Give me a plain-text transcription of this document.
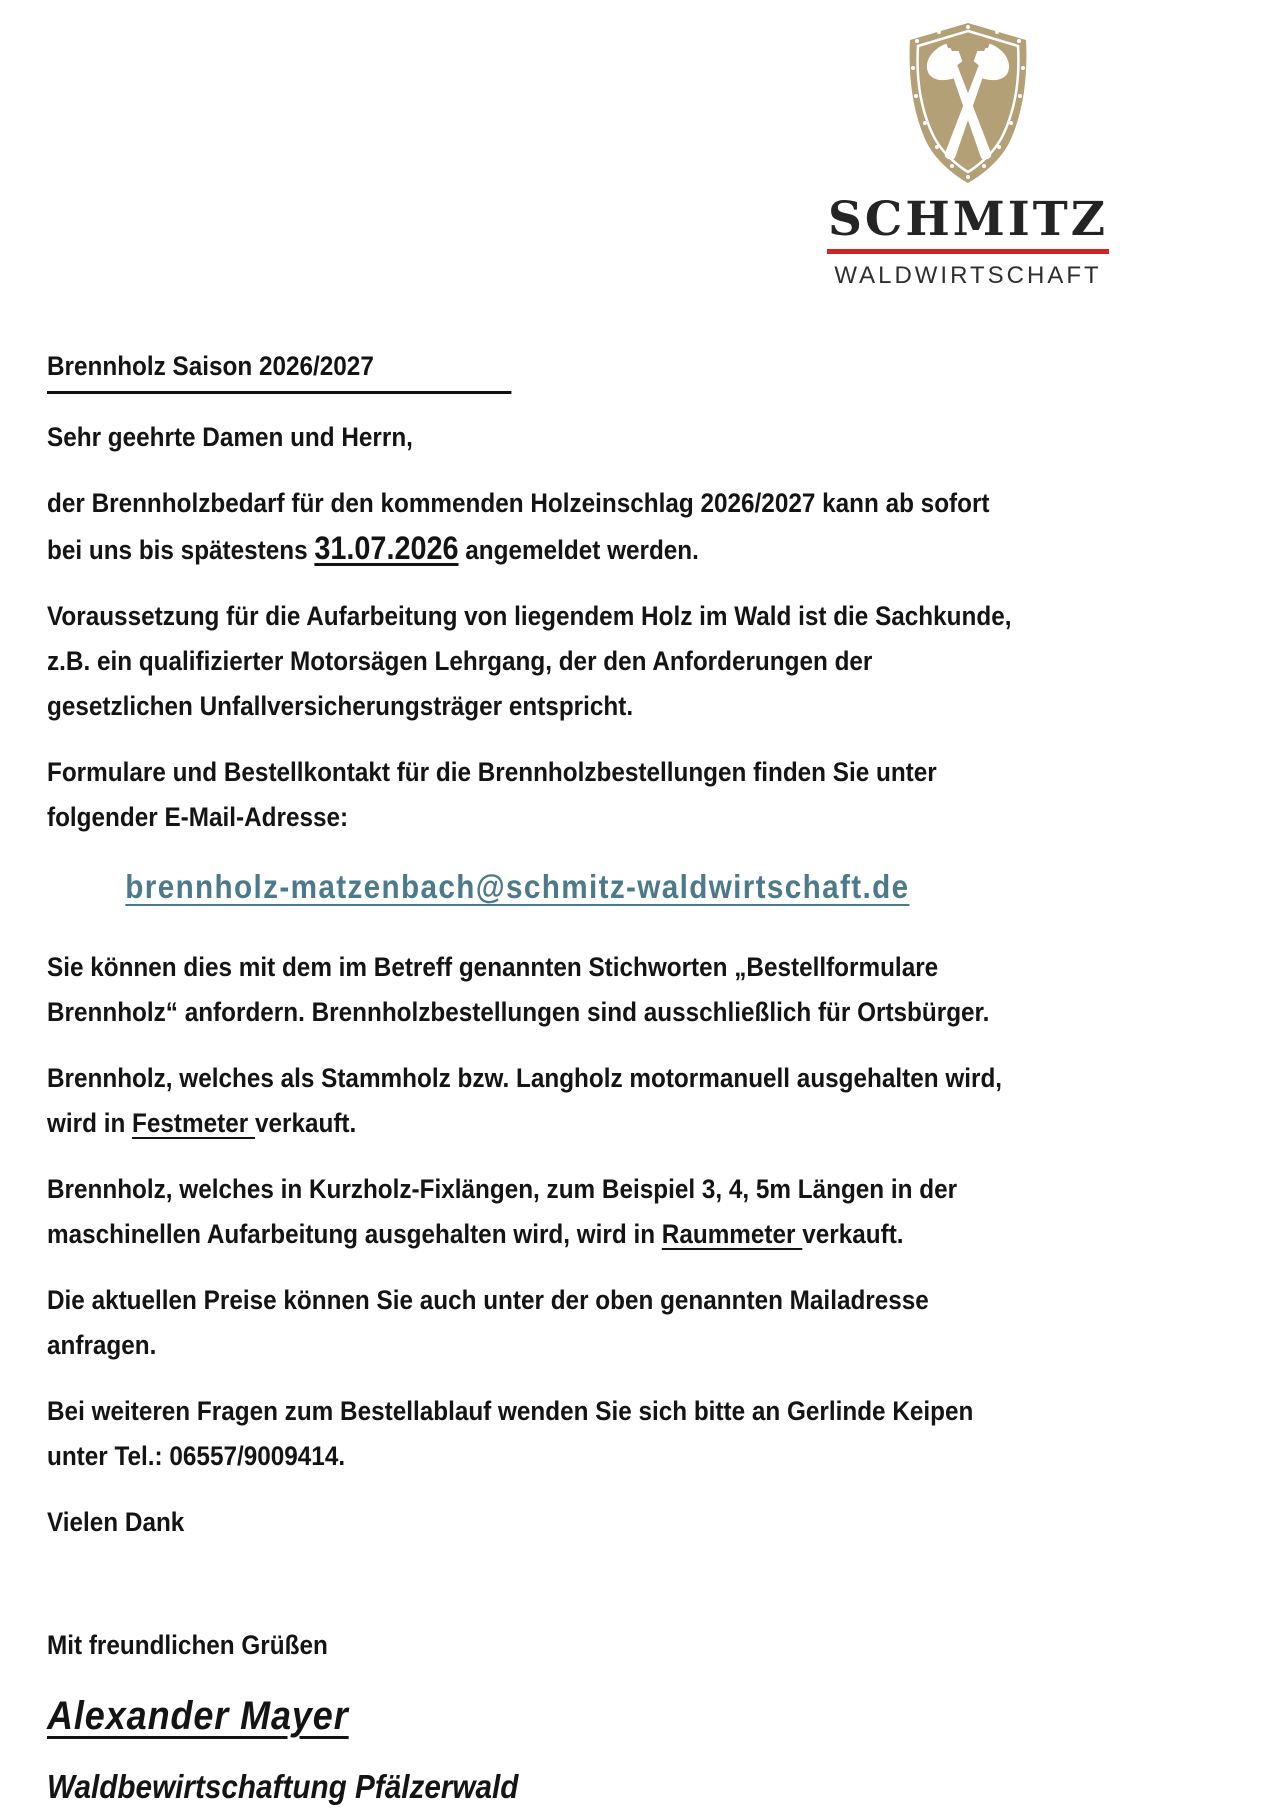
SCHMITZ
WALDWIRTSCHAFT

Brennholz Saison 2026/2027

Sehr geehrte Damen und Herrn,

der Brennholzbedarf für den kommenden Holzeinschlag 2026/2027 kann ab sofort
bei uns bis spätestens 31.07.2026 angemeldet werden.

Voraussetzung für die Aufarbeitung von liegendem Holz im Wald ist die Sachkunde,
z.B. ein qualifizierter Motorsägen Lehrgang, der den Anforderungen der
gesetzlichen Unfallversicherungsträger entspricht.

Formulare und Bestellkontakt für die Brennholzbestellungen finden Sie unter
folgender E-Mail-Adresse:

brennholz-matzenbach@schmitz-waldwirtschaft.de

Sie können dies mit dem im Betreff genannten Stichworten „Bestellformulare
Brennholz“ anfordern. Brennholzbestellungen sind ausschließlich für Ortsbürger.

Brennholz, welches als Stammholz bzw. Langholz motormanuell ausgehalten wird,
wird in Festmeter verkauft.

Brennholz, welches in Kurzholz-Fixlängen, zum Beispiel 3, 4, 5m Längen in der
maschinellen Aufarbeitung ausgehalten wird, wird in Raummeter verkauft.

Die aktuellen Preise können Sie auch unter der oben genannten Mailadresse
anfragen.

Bei weiteren Fragen zum Bestellablauf wenden Sie sich bitte an Gerlinde Keipen
unter Tel.: 06557/9009414.

Vielen Dank

Mit freundlichen Grüßen

Alexander Mayer

Waldbewirtschaftung Pfälzerwald
